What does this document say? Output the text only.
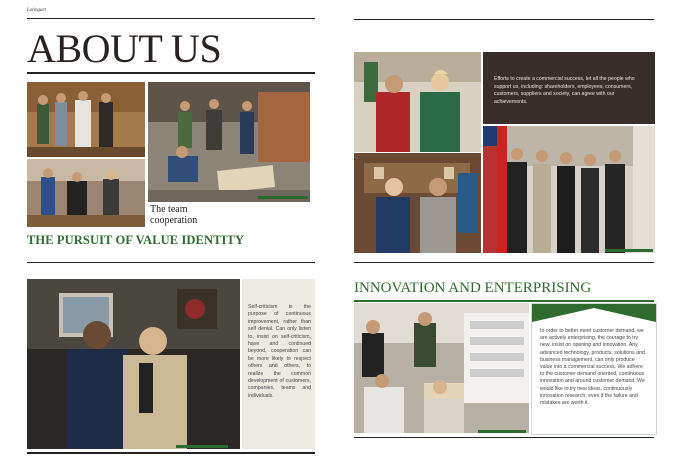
Lotingart
ABOUT US
The team
cooperation
THE PURSUIT OF VALUE IDENTITY
Efforts to create a commercial success, let all the people who support us, including: shareholders, employees, consumers, customers, suppliers and society, can agree with our achievements.
Self-criticism is the purpose of continuous improvement, rather than self denial. Can only listen to, insist on self-criticism, have and continued beyond, cooperation can be more likely to respect others and others, to realize the common development of customers, companies, teams and individuals.
INNOVATION AND ENTERPRISING
In order to better meet customer demand, we are actively enterprising, the courage to try new, insist on opening and innovation. Any advanced technology, products, solutions and business management, can only produce value into a commercial success. We adhere to the customer demand oriented, continuous innovation and around customer demand. We would like to try new ideas, continuously innovation research, even if the failure and mistakes are worth it.
